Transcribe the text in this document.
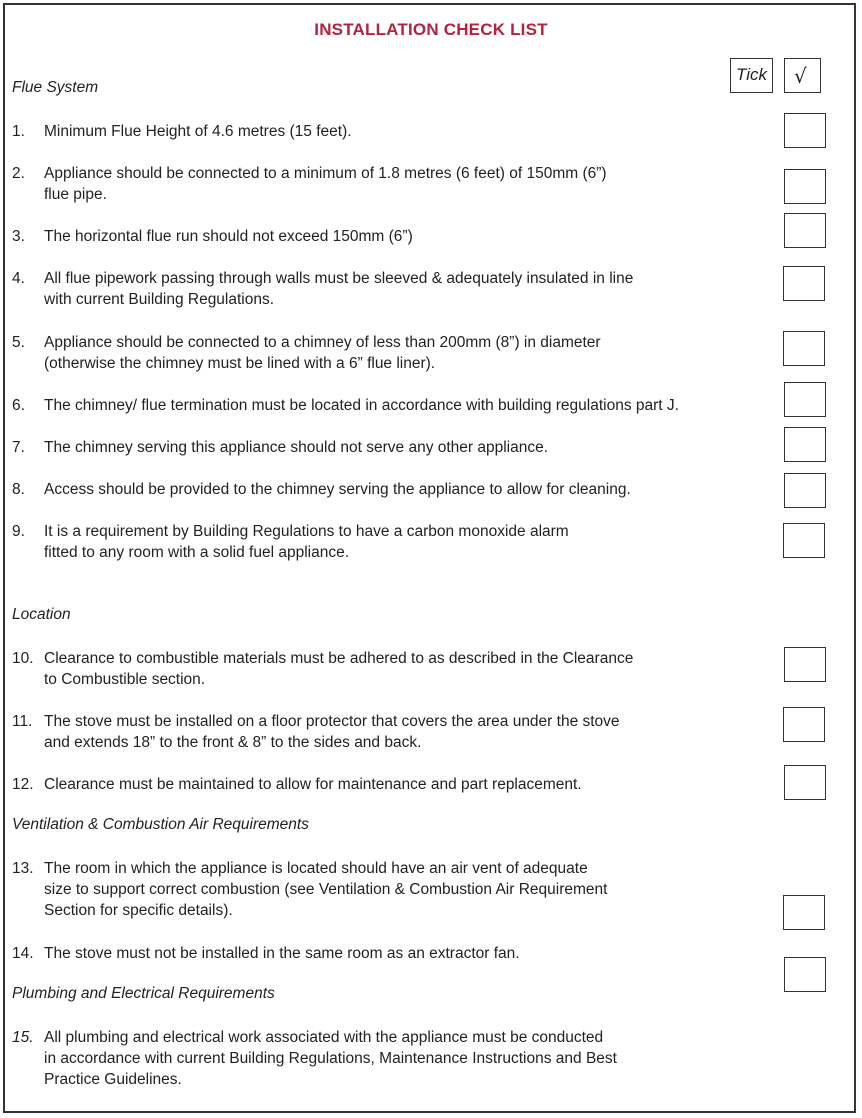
INSTALLATION CHECK LIST
Tick	√
Flue System
1.	Minimum Flue Height of 4.6 metres (15 feet).
2.	Appliance should be connected to a minimum of 1.8 metres (6 feet) of 150mm (6”)
flue pipe.
3.	The horizontal flue run should not exceed 150mm (6”)
4.	All flue pipework passing through walls must be sleeved & adequately insulated in line
with current Building Regulations.
5.	Appliance should be connected to a chimney of less than 200mm (8”) in diameter
(otherwise the chimney must be lined with a 6” flue liner).
6.	The chimney/ flue termination must be located in accordance with building regulations part J.
7.	The chimney serving this appliance should not serve any other appliance.
8.	Access should be provided to the chimney serving the appliance to allow for cleaning.
9.	It is a requirement by Building Regulations to have a carbon monoxide alarm
fitted to any room with a solid fuel appliance.
Location
10. Clearance to combustible materials must be adhered to as described in the Clearance
to Combustible section.
11. The stove must be installed on a floor protector that covers the area under the stove
and extends 18” to the front & 8” to the sides and back.
12. Clearance must be maintained to allow for maintenance and part replacement.
Ventilation & Combustion Air Requirements
13. The room in which the appliance is located should have an air vent of adequate
size to support correct combustion (see Ventilation & Combustion Air Requirement
Section for specific details).
14. The stove must not be installed in the same room as an extractor fan.
Plumbing and Electrical Requirements
15. All plumbing and electrical work associated with the appliance must be conducted
in accordance with current Building Regulations, Maintenance Instructions and Best
Practice Guidelines.
